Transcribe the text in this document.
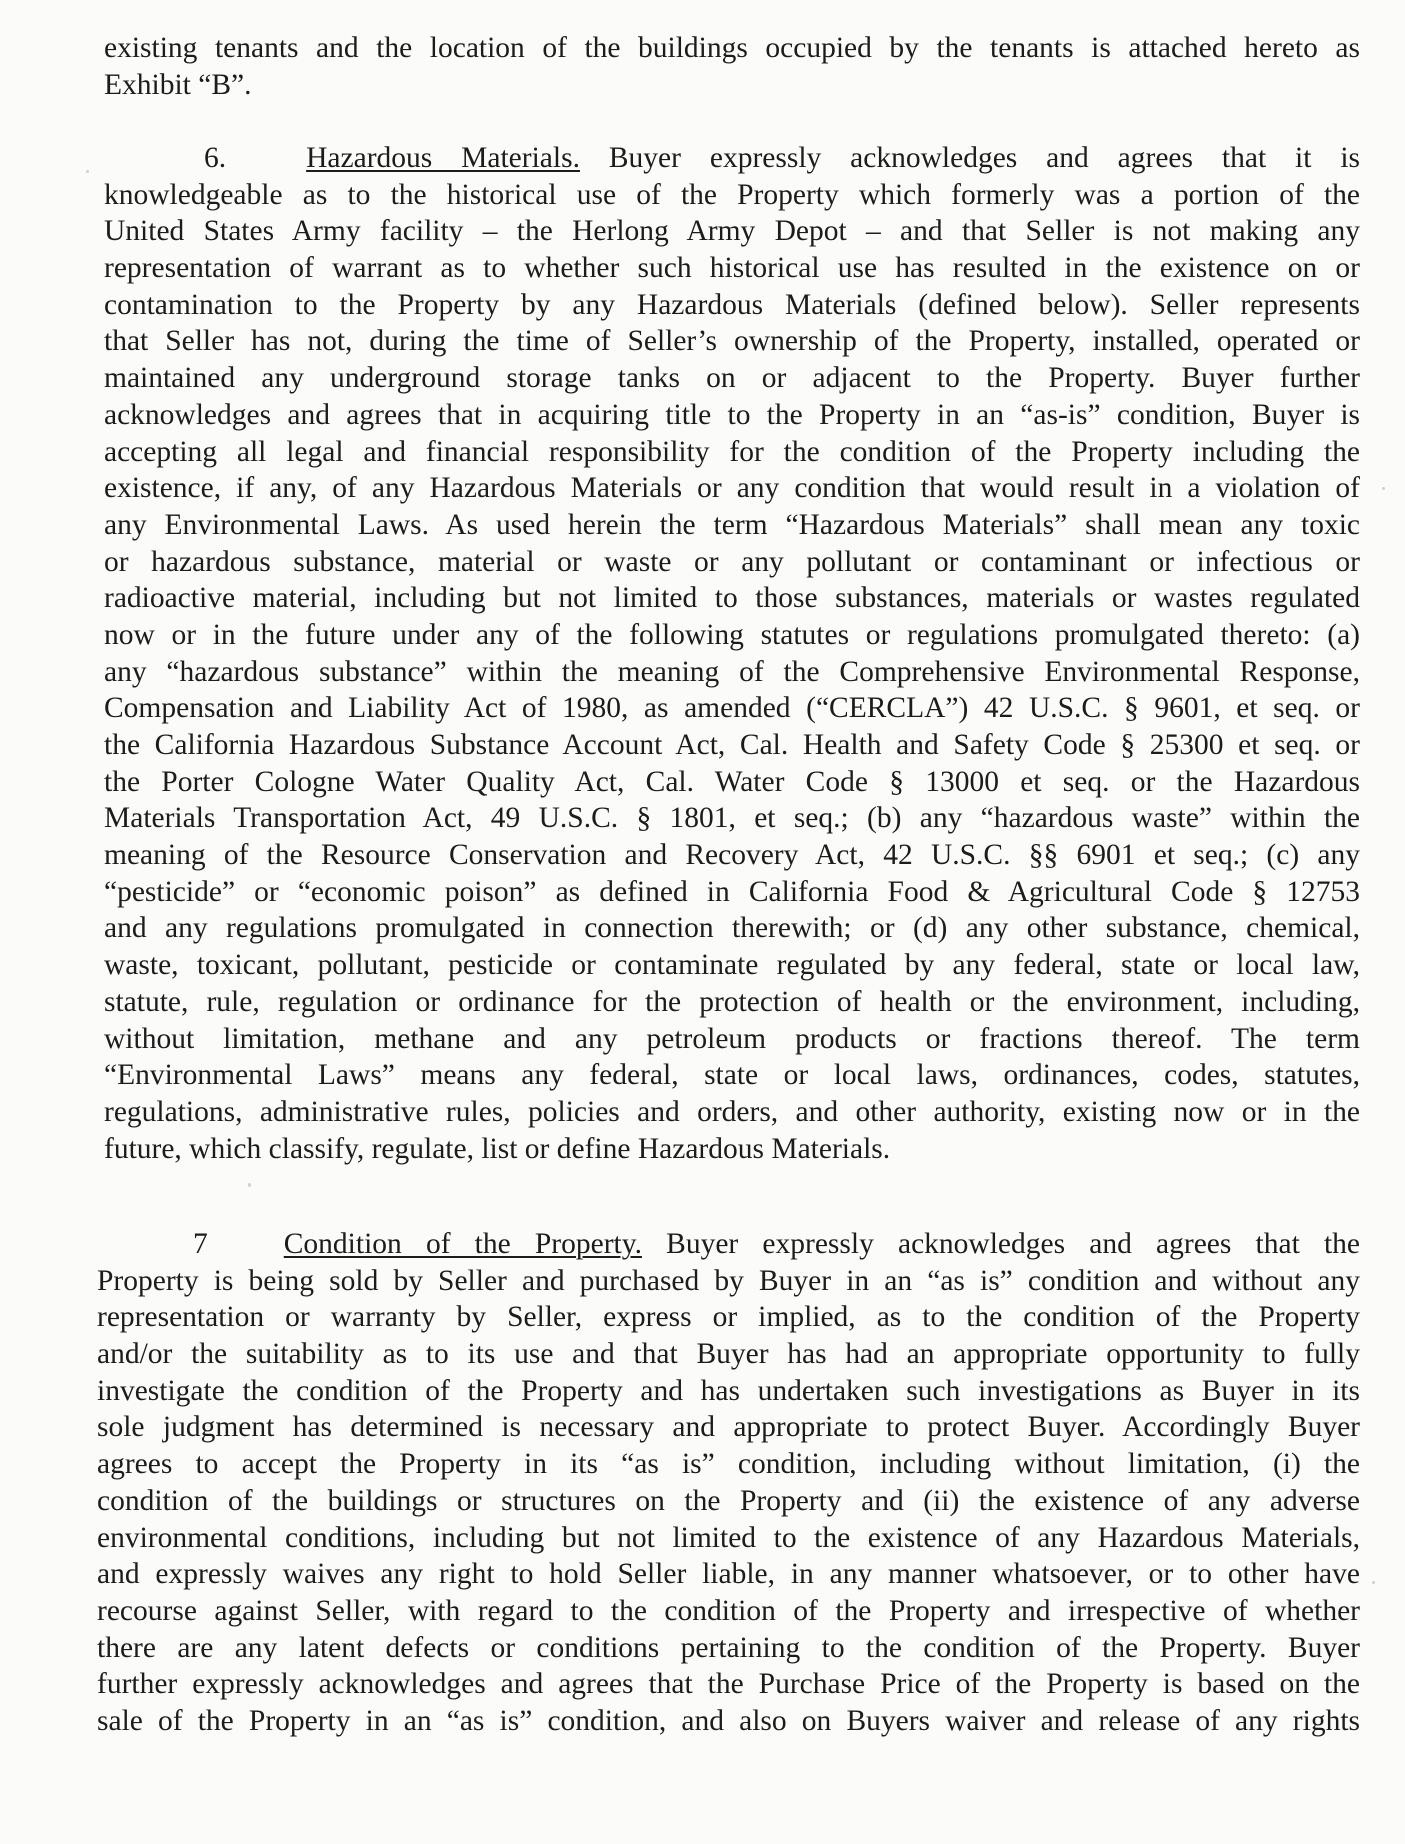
existing tenants and the location of the buildings occupied by the tenants is attached hereto as
Exhibit “B”.
6.	Hazardous Materials. Buyer expressly acknowledges and agrees that it is
knowledgeable as to the historical use of the Property which formerly was a portion of the
United States Army facility – the Herlong Army Depot – and that Seller is not making any
representation of warrant as to whether such historical use has resulted in the existence on or
contamination to the Property by any Hazardous Materials (defined below). Seller represents
that Seller has not, during the time of Seller’s ownership of the Property, installed, operated or
maintained any underground storage tanks on or adjacent to the Property. Buyer further
acknowledges and agrees that in acquiring title to the Property in an “as-is” condition, Buyer is
accepting all legal and financial responsibility for the condition of the Property including the
existence, if any, of any Hazardous Materials or any condition that would result in a violation of
any Environmental Laws. As used herein the term “Hazardous Materials” shall mean any toxic
or hazardous substance, material or waste or any pollutant or contaminant or infectious or
radioactive material, including but not limited to those substances, materials or wastes regulated
now or in the future under any of the following statutes or regulations promulgated thereto: (a)
any “hazardous substance” within the meaning of the Comprehensive Environmental Response,
Compensation and Liability Act of 1980, as amended (“CERCLA”) 42 U.S.C. § 9601, et seq. or
the California Hazardous Substance Account Act, Cal. Health and Safety Code § 25300 et seq. or
the Porter Cologne Water Quality Act, Cal. Water Code § 13000 et seq. or the Hazardous
Materials Transportation Act, 49 U.S.C. § 1801, et seq.; (b) any “hazardous waste” within the
meaning of the Resource Conservation and Recovery Act, 42 U.S.C. §§ 6901 et seq.; (c) any
“pesticide” or “economic poison” as defined in California Food & Agricultural Code § 12753
and any regulations promulgated in connection therewith; or (d) any other substance, chemical,
waste, toxicant, pollutant, pesticide or contaminate regulated by any federal, state or local law,
statute, rule, regulation or ordinance for the protection of health or the environment, including,
without limitation, methane and any petroleum products or fractions thereof. The term
“Environmental Laws” means any federal, state or local laws, ordinances, codes, statutes,
regulations, administrative rules, policies and orders, and other authority, existing now or in the
future, which classify, regulate, list or define Hazardous Materials.
7	Condition of the Property. Buyer expressly acknowledges and agrees that the
Property is being sold by Seller and purchased by Buyer in an “as is” condition and without any
representation or warranty by Seller, express or implied, as to the condition of the Property
and/or the suitability as to its use and that Buyer has had an appropriate opportunity to fully
investigate the condition of the Property and has undertaken such investigations as Buyer in its
sole judgment has determined is necessary and appropriate to protect Buyer. Accordingly Buyer
agrees to accept the Property in its “as is” condition, including without limitation, (i) the
condition of the buildings or structures on the Property and (ii) the existence of any adverse
environmental conditions, including but not limited to the existence of any Hazardous Materials,
and expressly waives any right to hold Seller liable, in any manner whatsoever, or to other have
recourse against Seller, with regard to the condition of the Property and irrespective of whether
there are any latent defects or conditions pertaining to the condition of the Property. Buyer
further expressly acknowledges and agrees that the Purchase Price of the Property is based on the
sale of the Property in an “as is” condition, and also on Buyers waiver and release of any rights
